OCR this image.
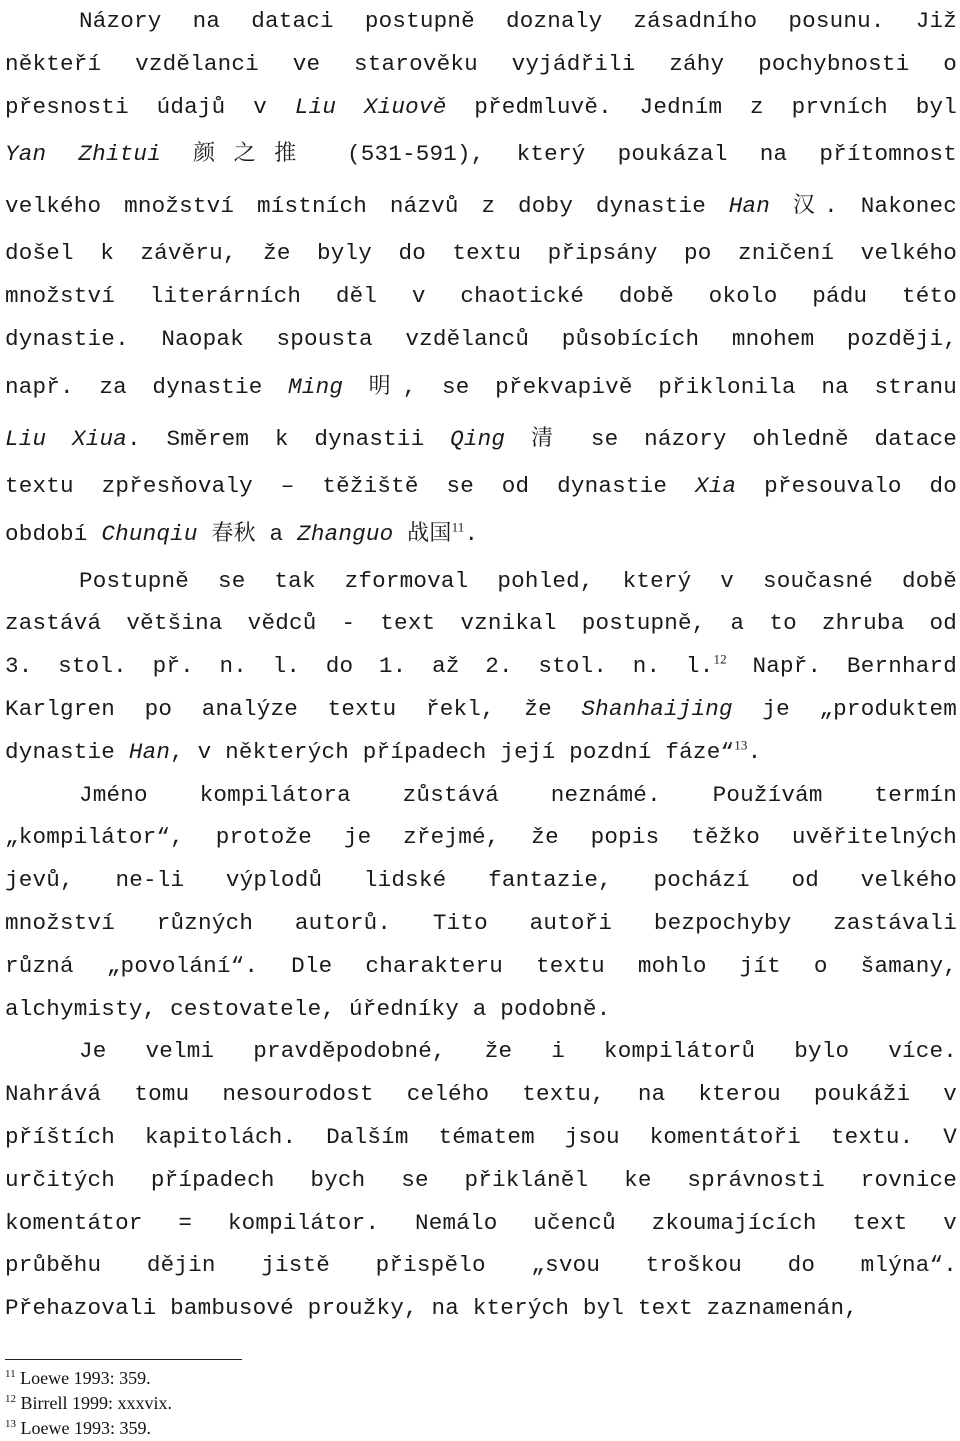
Názory na dataci postupně doznaly zásadního posunu. Již
někteří vzdělanci ve starověku vyjádřili záhy pochybnosti o
přesnosti údajů v Liu Xiuově předmluvě. Jedním z prvních byl
Yan Zhitui 颜之推 (531-591), který poukázal na přítomnost
velkého množství místních názvů z doby dynastie Han 汉. Nakonec
došel k závěru, že byly do textu připsány po zničení velkého
množství literárních děl v chaotické době okolo pádu této
dynastie. Naopak spousta vzdělanců působících mnohem později,
např. za dynastie Ming 明, se překvapivě přiklonila na stranu
Liu Xiua. Směrem k dynastii Qing 清 se názory ohledně datace
textu zpřesňovaly – těžiště se od dynastie Xia přesouvalo do
období Chunqiu 春秋 a Zhanguo 战国$^{11}$.
Postupně se tak zformoval pohled, který v současné době
zastává většina vědců - text vznikal postupně, a to zhruba od
3. stol. př. n. l. do 1. až 2. stol. n. l.$^{12}$ Např. Bernhard
Karlgren po analýze textu řekl, že Shanhaijing je „produktem
dynastie Han, v některých případech její pozdní fáze“$^{13}$.
Jméno kompilátora zůstává neznámé. Používám termín
„kompilátor“, protože je zřejmé, že popis těžko uvěřitelných
jevů, ne-li výplodů lidské fantazie, pochází od velkého
množství různých autorů. Tito autoři bezpochyby zastávali
různá „povolání“. Dle charakteru textu mohlo jít o šamany,
alchymisty, cestovatele, úředníky a podobně.
Je velmi pravděpodobné, že i kompilátorů bylo více.
Nahrává tomu nesourodost celého textu, na kterou poukáži v
příštích kapitolách. Dalším tématem jsou komentátoři textu. V
určitých případech bych se přikláněl ke správnosti rovnice
komentátor = kompilátor. Nemálo učenců zkoumajících text v
průběhu dějin jistě přispělo „svou troškou do mlýna“.
Přehazovali bambusové proužky, na kterých byl text zaznamenán,
$^{11}$ Loewe 1993: 359.
$^{12}$ Birrell 1999: xxxvix.
$^{13}$ Loewe 1993: 359.
